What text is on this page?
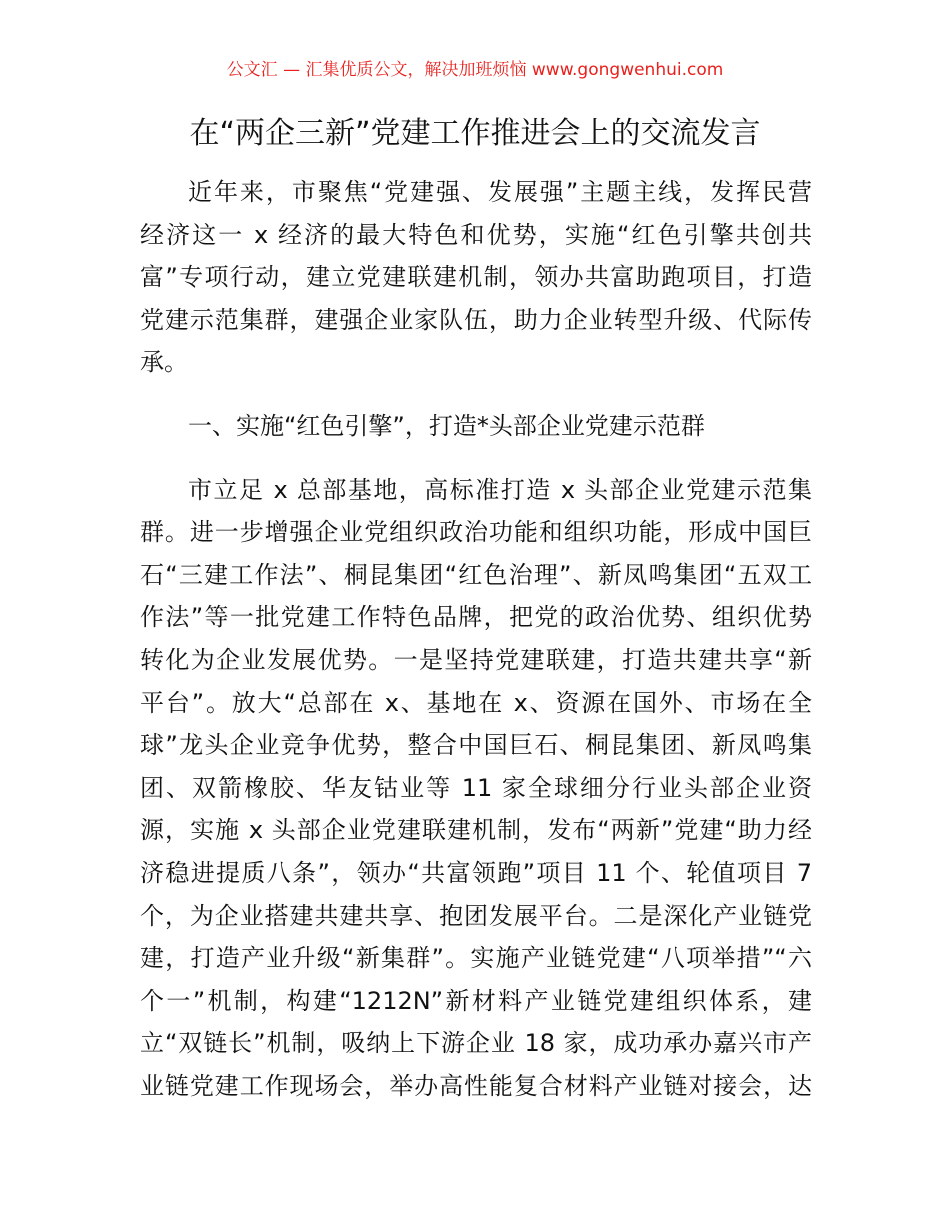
公文汇 — 汇集优质公文，解决加班烦恼 www.gongwenhui.com
在“两企三新”党建工作推进会上的交流发言
近年来，市聚焦“党建强、发展强”主题主线，发挥民营
经济这一 x 经济的最大特色和优势，实施“红色引擎共创共
富”专项行动，建立党建联建机制，领办共富助跑项目，打造
党建示范集群，建强企业家队伍，助力企业转型升级、代际传
承。
一、实施“红色引擎”，打造*头部企业党建示范群
市立足 x 总部基地，高标准打造 x 头部企业党建示范集
群。进一步增强企业党组织政治功能和组织功能，形成中国巨
石“三建工作法”、桐昆集团“红色治理”、新凤鸣集团“五双工
作法”等一批党建工作特色品牌，把党的政治优势、组织优势
转化为企业发展优势。一是坚持党建联建，打造共建共享“新
平台”。放大“总部在 x、基地在 x、资源在国外、市场在全
球”龙头企业竞争优势，整合中国巨石、桐昆集团、新凤鸣集
团、双箭橡胶、华友钴业等 11 家全球细分行业头部企业资
源，实施 x 头部企业党建联建机制，发布“两新”党建“助力经
济稳进提质八条”，领办“共富领跑”项目 11 个、轮值项目 7
个，为企业搭建共建共享、抱团发展平台。二是深化产业链党
建，打造产业升级“新集群”。实施产业链党建“八项举措”“六
个一”机制，构建“1212N”新材料产业链党建组织体系，建
立“双链长”机制，吸纳上下游企业 18 家，成功承办嘉兴市产
业链党建工作现场会，举办高性能复合材料产业链对接会，达
